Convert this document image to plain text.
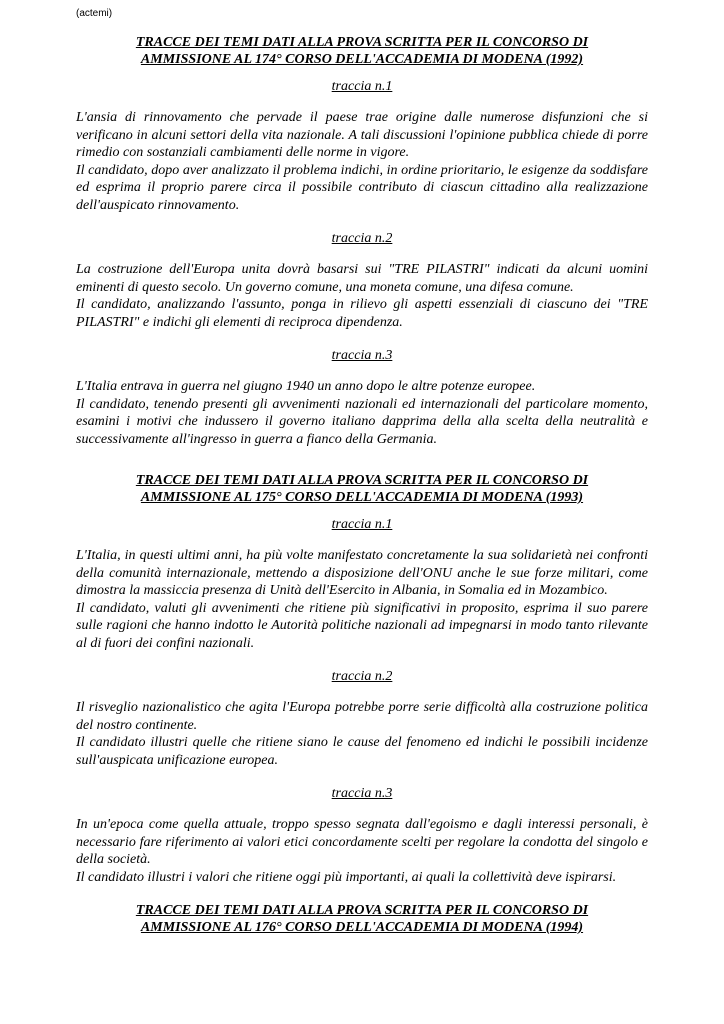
(actemi)

TRACCE DEI TEMI DATI ALLA PROVA SCRITTA PER IL CONCORSO DI
AMMISSIONE AL 174° CORSO DELL'ACCADEMIA DI MODENA (1992)

traccia n.1

L'ansia di rinnovamento che pervade il paese trae origine dalle numerose disfunzioni che si verificano in alcuni settori della vita nazionale. A tali discussioni l'opinione pubblica chiede di porre rimedio con sostanziali cambiamenti delle norme in vigore.

Il candidato, dopo aver analizzato il problema indichi, in ordine prioritario, le esigenze da soddisfare ed esprima il proprio parere circa il possibile contributo di ciascun cittadino alla realizzazione dell'auspicato rinnovamento.

traccia n.2

La costruzione dell'Europa unita dovrà basarsi sui "TRE PILASTRI" indicati da alcuni uomini eminenti di questo secolo. Un governo comune, una moneta comune, una difesa comune.

Il candidato, analizzando l'assunto, ponga in rilievo gli aspetti essenziali di ciascuno dei "TRE PILASTRI" e indichi gli elementi di reciproca dipendenza.

traccia n.3

L'Italia entrava in guerra nel giugno 1940 un anno dopo le altre potenze europee.

Il candidato, tenendo presenti gli avvenimenti nazionali ed internazionali del particolare momento, esamini i motivi che indussero il governo italiano dapprima della alla scelta della neutralità e successivamente all'ingresso in guerra a fianco della Germania.

TRACCE DEI TEMI DATI ALLA PROVA SCRITTA PER IL CONCORSO DI
AMMISSIONE AL 175° CORSO DELL'ACCADEMIA DI MODENA (1993)

traccia n.1

L'Italia, in questi ultimi anni, ha più volte manifestato concretamente la sua solidarietà nei confronti della comunità internazionale, mettendo a disposizione dell'ONU anche le sue forze militari, come dimostra la massiccia presenza di Unità dell'Esercito in Albania, in Somalia ed in Mozambico.

Il candidato, valuti gli avvenimenti che ritiene più significativi in proposito, esprima il suo parere sulle ragioni che hanno indotto le Autorità politiche nazionali ad impegnarsi in modo tanto rilevante al di fuori dei confini nazionali.

traccia n.2

Il risveglio nazionalistico che agita l'Europa potrebbe porre serie difficoltà alla costruzione politica del nostro continente.

Il candidato illustri quelle che ritiene siano le cause del fenomeno ed indichi le possibili incidenze sull'auspicata unificazione europea.

traccia n.3

In un'epoca come quella attuale, troppo spesso segnata dall'egoismo e dagli interessi personali, è necessario fare riferimento ai valori etici concordamente scelti per regolare la condotta del singolo e della società.

Il candidato illustri i valori che ritiene oggi più importanti, ai quali la collettività deve ispirarsi.

TRACCE DEI TEMI DATI ALLA PROVA SCRITTA PER IL CONCORSO DI
AMMISSIONE AL 176° CORSO DELL'ACCADEMIA DI MODENA (1994)
